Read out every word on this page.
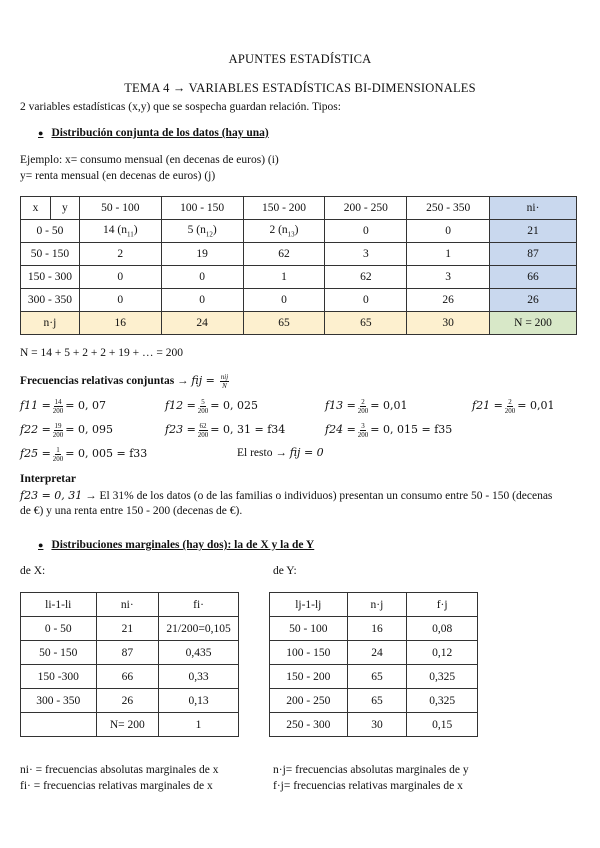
APUNTES ESTADÍSTICA
TEMA 4 → VARIABLES ESTADÍSTICAS BI-DIMENSIONALES
2 variables estadísticas (x,y) que se sospecha guardan relación. Tipos:
● Distribución conjunta de los datos (hay una)
Ejemplo: x= consumo mensual (en decenas de euros) (i)
y= renta mensual (en decenas de euros) (j)
x	y	50 - 100	100 - 150	150 - 200	200 - 250	250 - 350	ni·
0 - 50		14 $(n_{11})$	5 $(n_{12})$	2 $(n_{13})$	0	0	21
50 - 150		2	19	62	3	1	87
150 - 300		0	0	1	62	3	66
300 - 350		0	0	0	0	26	26
n·j		16	24	65	65	30	N = 200
N = 14 + 5 + 2 + 2 + 19 + … = 200
Frecuencias relativas conjuntas → fij = $\frac{\text{nij}}{N}$
$f11 = \frac{14}{200} = 0$, 07	$f12 = \frac{5}{200} = 0$, 025	$f13 = \frac{2}{200} = 0,01$	$f21 = \frac{2}{200} = 0,01$
$f22 = \frac{19}{200} = 0$, 095	$f23 = \frac{62}{200} = 0$, 31 = f34	$f24 = \frac{3}{200} = 0$, 015 = f35
$f25 = \frac{1}{200} = 0$, 005 = f33	El resto → fij = 0
Interpretar
f23 = 0, 31 → El 31% de los datos (o de las familias o individuos) presentan un consumo entre 50 - 150 (decenas
de €) y una renta entre 150 - 200 (decenas de €).
● Distribuciones marginales (hay dos): la de X y la de Y
de X:	de Y:
li-1-li	ni·	fi·
0 - 50	21	21/200=0,105
50 - 150	87	0,435
150 -300	66	0,33
300 - 350	26	0,13
	N= 200	1
lj-1-lj	n·j	f·j
50 - 100	16	0,08
100 - 150	24	0,12
150 - 200	65	0,325
200 - 250	65	0,325
250 - 300	30	0,15
ni· = frecuencias absolutas marginales de x
fi· = frecuencias relativas marginales de x
n·j= frecuencias absolutas marginales de y
f·j= frecuencias relativas marginales de x
